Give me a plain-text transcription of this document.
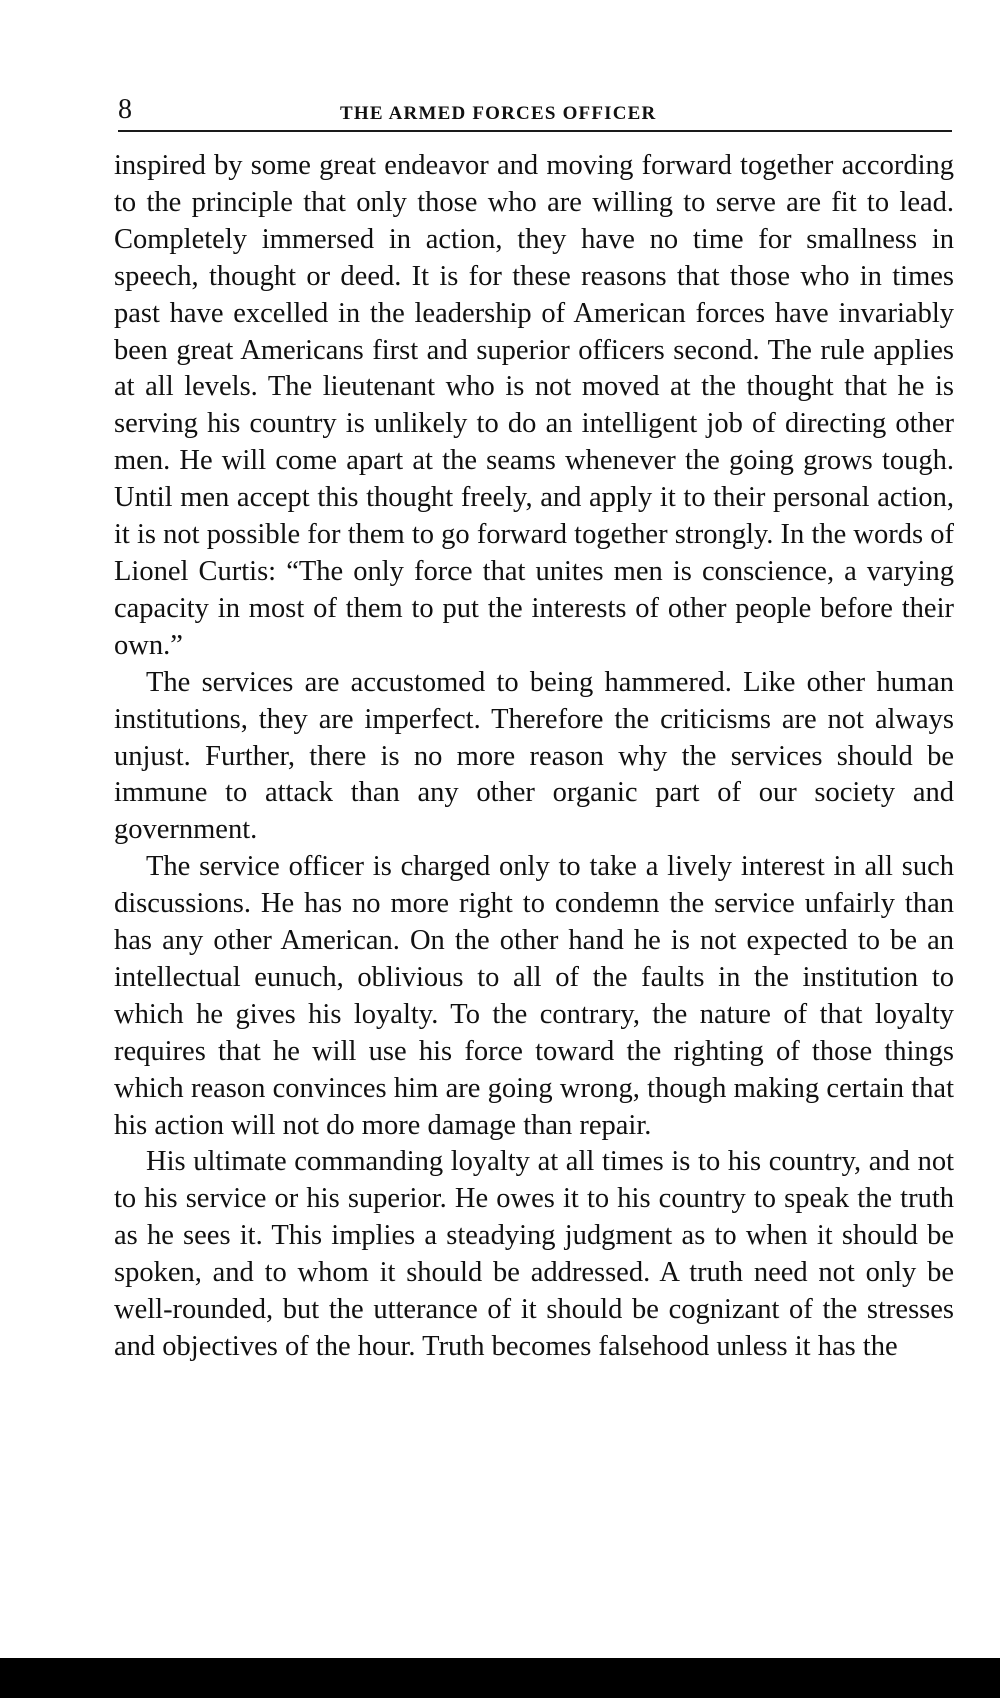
8	THE ARMED FORCES OFFICER

inspired by some great endeavor and moving forward together according to the principle that only those who are willing to serve are fit to lead. Completely immersed in action, they have no time for smallness in speech, thought or deed. It is for these reasons that those who in times past have excelled in the leadership of American forces have invariably been great Americans first and superior officers second. The rule applies at all levels. The lieutenant who is not moved at the thought that he is serving his country is unlikely to do an intelligent job of directing other men. He will come apart at the seams whenever the going grows tough. Until men accept this thought freely, and apply it to their personal action, it is not possible for them to go forward together strongly. In the words of Lionel Curtis: “The only force that unites men is conscience, a varying capacity in most of them to put the interests of other people before their own.”

The services are accustomed to being hammered. Like other human institutions, they are imperfect. Therefore the criticisms are not always unjust. Further, there is no more reason why the services should be immune to attack than any other organic part of our society and government.

The service officer is charged only to take a lively interest in all such discussions. He has no more right to condemn the service unfairly than has any other American. On the other hand he is not expected to be an intellectual eunuch, oblivious to all of the faults in the institution to which he gives his loyalty. To the contrary, the nature of that loyalty requires that he will use his force toward the righting of those things which reason convinces him are going wrong, though making certain that his action will not do more damage than repair.

His ultimate commanding loyalty at all times is to his country, and not to his service or his superior. He owes it to his country to speak the truth as he sees it. This implies a steadying judgment as to when it should be spoken, and to whom it should be addressed. A truth need not only be well-rounded, but the utterance of it should be cognizant of the stresses and objectives of the hour. Truth becomes falsehood unless it has the
